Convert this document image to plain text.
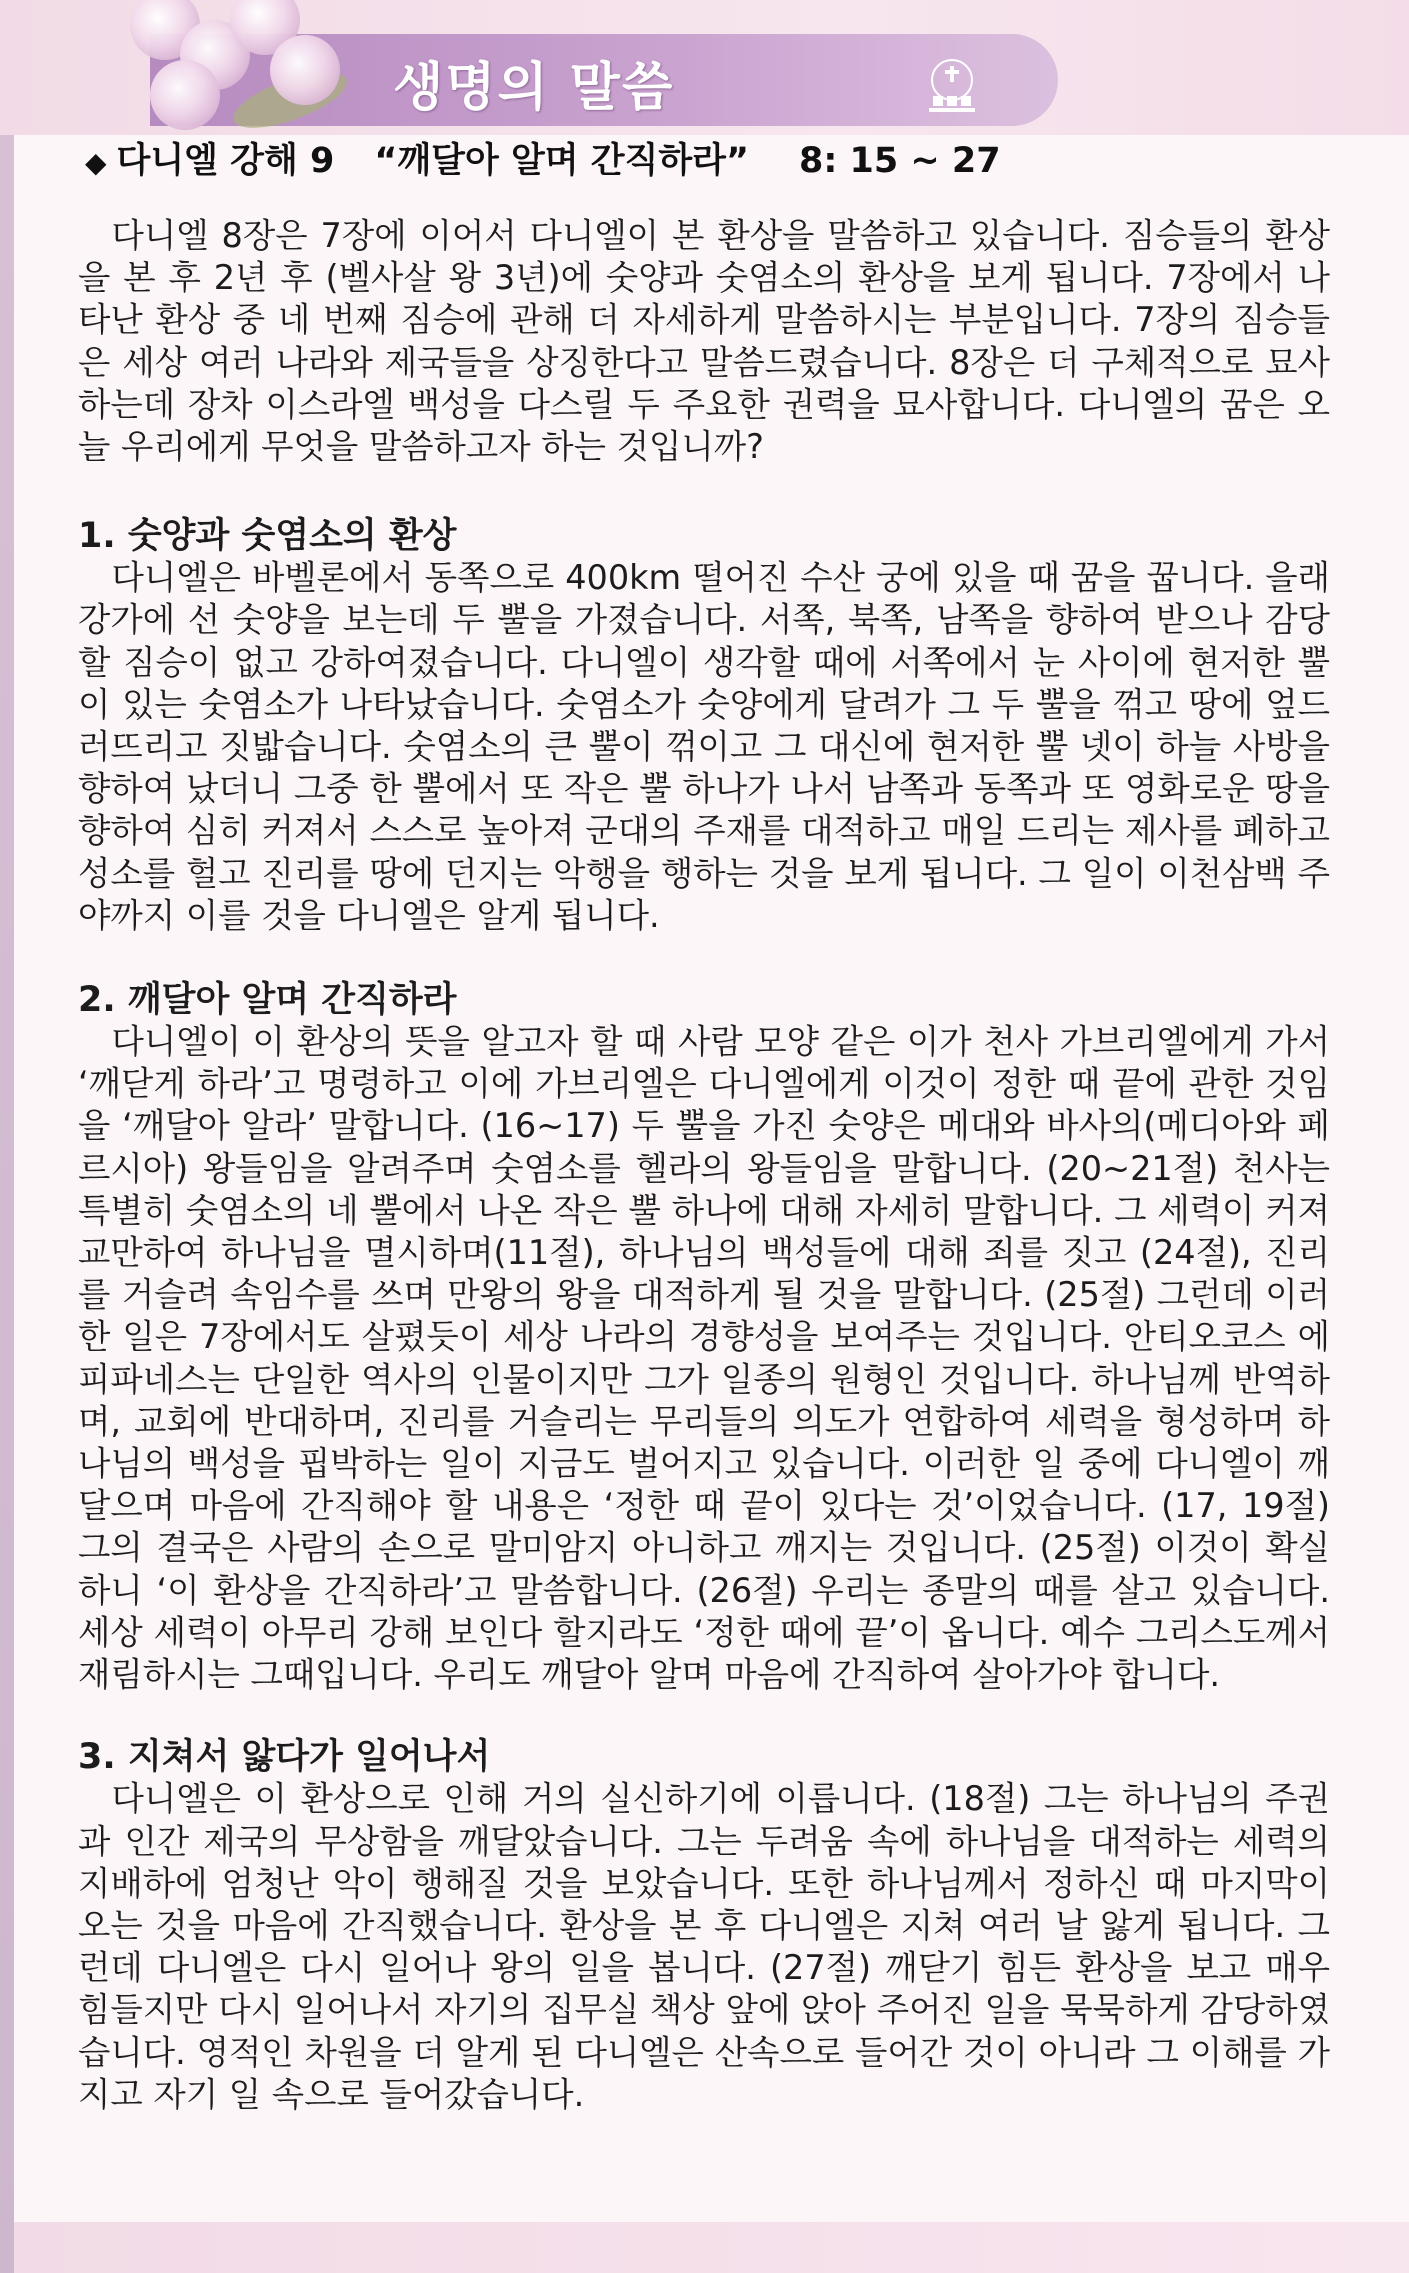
생명의 말씀
◆ 다니엘 강해 9 “깨달아 알며 간직하라” 8: 15 ~ 27

다니엘 8장은 7장에 이어서 다니엘이 본 환상을 말씀하고 있습니다. 짐승들의 환상을 본 후 2년 후 (벨사살 왕 3년)에 숫양과 숫염소의 환상을 보게 됩니다. 7장에서 나타난 환상 중 네 번째 짐승에 관해 더 자세하게 말씀하시는 부분입니다. 7장의 짐승들은 세상 여러 나라와 제국들을 상징한다고 말씀드렸습니다. 8장은 더 구체적으로 묘사하는데 장차 이스라엘 백성을 다스릴 두 주요한 권력을 묘사합니다. 다니엘의 꿈은 오늘 우리에게 무엇을 말씀하고자 하는 것입니까?

1. 숫양과 숫염소의 환상

다니엘은 바벨론에서 동쪽으로 400km 떨어진 수산 궁에 있을 때 꿈을 꿉니다. 을래 강가에 선 숫양을 보는데 두 뿔을 가졌습니다. 서쪽, 북쪽, 남쪽을 향하여 받으나 감당할 짐승이 없고 강하여졌습니다. 다니엘이 생각할 때에 서쪽에서 눈 사이에 현저한 뿔이 있는 숫염소가 나타났습니다. 숫염소가 숫양에게 달려가 그 두 뿔을 꺾고 땅에 엎드러뜨리고 짓밟습니다. 숫염소의 큰 뿔이 꺾이고 그 대신에 현저한 뿔 넷이 하늘 사방을 향하여 났더니 그중 한 뿔에서 또 작은 뿔 하나가 나서 남쪽과 동쪽과 또 영화로운 땅을 향하여 심히 커져서 스스로 높아져 군대의 주재를 대적하고 매일 드리는 제사를 폐하고 성소를 헐고 진리를 땅에 던지는 악행을 행하는 것을 보게 됩니다. 그 일이 이천삼백 주야까지 이를 것을 다니엘은 알게 됩니다.

2. 깨달아 알며 간직하라

다니엘이 이 환상의 뜻을 알고자 할 때 사람 모양 같은 이가 천사 가브리엘에게 가서 ‘깨닫게 하라’고 명령하고 이에 가브리엘은 다니엘에게 이것이 정한 때 끝에 관한 것임을 ‘깨달아 알라’ 말합니다. (16~17) 두 뿔을 가진 숫양은 메대와 바사의(메디아와 페르시아) 왕들임을 알려주며 숫염소를 헬라의 왕들임을 말합니다. (20~21절) 천사는 특별히 숫염소의 네 뿔에서 나온 작은 뿔 하나에 대해 자세히 말합니다. 그 세력이 커져 교만하여 하나님을 멸시하며(11절), 하나님의 백성들에 대해 죄를 짓고 (24절), 진리를 거슬려 속임수를 쓰며 만왕의 왕을 대적하게 될 것을 말합니다. (25절) 그런데 이러한 일은 7장에서도 살폈듯이 세상 나라의 경향성을 보여주는 것입니다. 안티오코스 에피파네스는 단일한 역사의 인물이지만 그가 일종의 원형인 것입니다. 하나님께 반역하며, 교회에 반대하며, 진리를 거슬리는 무리들의 의도가 연합하여 세력을 형성하며 하나님의 백성을 핍박하는 일이 지금도 벌어지고 있습니다. 이러한 일 중에 다니엘이 깨달으며 마음에 간직해야 할 내용은 ‘정한 때 끝이 있다는 것’이었습니다. (17, 19절) 그의 결국은 사람의 손으로 말미암지 아니하고 깨지는 것입니다. (25절) 이것이 확실하니 ‘이 환상을 간직하라’고 말씀합니다. (26절) 우리는 종말의 때를 살고 있습니다. 세상 세력이 아무리 강해 보인다 할지라도 ‘정한 때에 끝’이 옵니다. 예수 그리스도께서 재림하시는 그때입니다. 우리도 깨달아 알며 마음에 간직하여 살아가야 합니다.

3. 지쳐서 앓다가 일어나서

다니엘은 이 환상으로 인해 거의 실신하기에 이릅니다. (18절) 그는 하나님의 주권과 인간 제국의 무상함을 깨달았습니다. 그는 두려움 속에 하나님을 대적하는 세력의 지배하에 엄청난 악이 행해질 것을 보았습니다. 또한 하나님께서 정하신 때 마지막이 오는 것을 마음에 간직했습니다. 환상을 본 후 다니엘은 지쳐 여러 날 앓게 됩니다. 그런데 다니엘은 다시 일어나 왕의 일을 봅니다. (27절) 깨닫기 힘든 환상을 보고 매우 힘들지만 다시 일어나서 자기의 집무실 책상 앞에 앉아 주어진 일을 묵묵하게 감당하였습니다. 영적인 차원을 더 알게 된 다니엘은 산속으로 들어간 것이 아니라 그 이해를 가지고 자기 일 속으로 들어갔습니다.
